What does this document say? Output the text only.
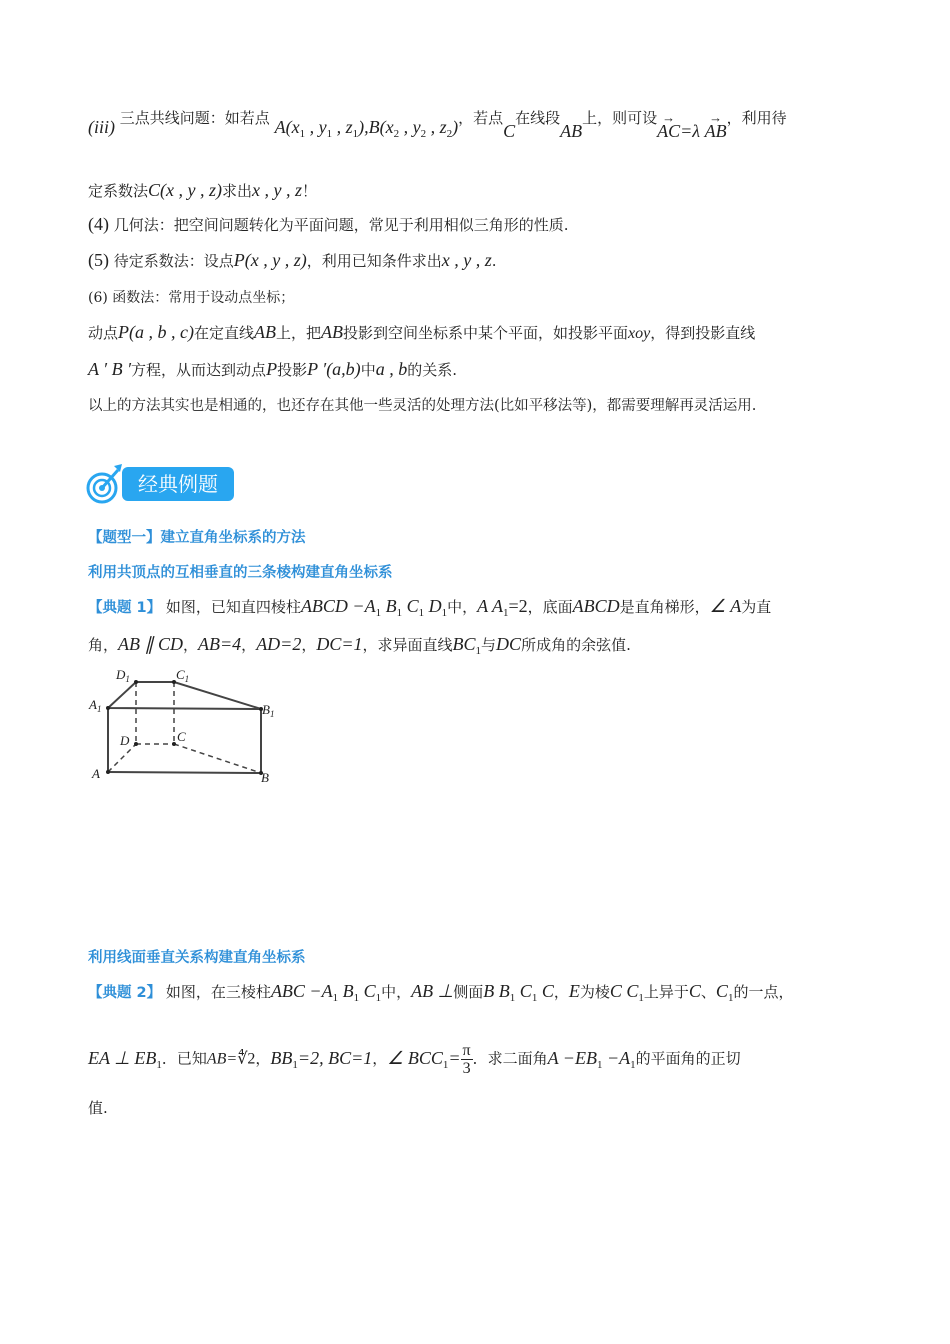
(iii) 三点共线问题：如若点 $A(x_1$ , $y_1$ , $z_1),B(x_2$ , $y_2$ , $z_2$)，若点C在线段AB上，则可设→ AC=λ → AB，利用待
定系数法C(x , y , z)求出x , y , z！
(4) 几何法：把空间问题转化为平面问题，常见于利用相似三角形的性质.
(5) 待定系数法：设点P(x , y , z)，利用已知条件求出x , y , z.
(6) 函数法：常用于设动点坐标；
动点P(a , b , c)在定直线AB上，把AB投影到空间坐标系中某个平面，如投影平面xoy，得到投影直线
A ′ B ′方程，从而达到动点P投影P ′(a,b)中a , b的关系.
以上的方法其实也是相通的，也还存在其他一些灵活的处理方法(比如平移法等)，都需要理解再灵活运用.
经典例题
【题型一】建立直角坐标系的方法
利用共顶点的互相垂直的三条棱构建直角坐标系
【典题 1】 如图，已知直四棱柱ABCD $-A_1$ $B_1$ $C_1$ $D_1$中，A $A_1=2$，底面ABCD是直角梯形，∠ A为直
角，AB ∥ CD，AB=4，AD=2，DC=1，求异面直线$BC_1$与DC所成角的余弦值.
$D_1$	$C_1$
$A_1$	$B_1$
D	C
A	B
利用线面垂直关系构建直角坐标系
【典题 2】 如图，在三棱柱ABC $-A_1$ $B_1$ $C_1$中，AB ⊥侧面B $B_1$ $C_1$ C，E为棱C $C_1$上异于C、$C_1$的一点，
EA ⊥ $EB_1$．已知AB=∜2，$BB_1=2$, BC=1，∠ $BCC_1= \frac{\pi}{3}$ ．求二面角$A -EB_1 -A_1$的平面角的正切
值.
